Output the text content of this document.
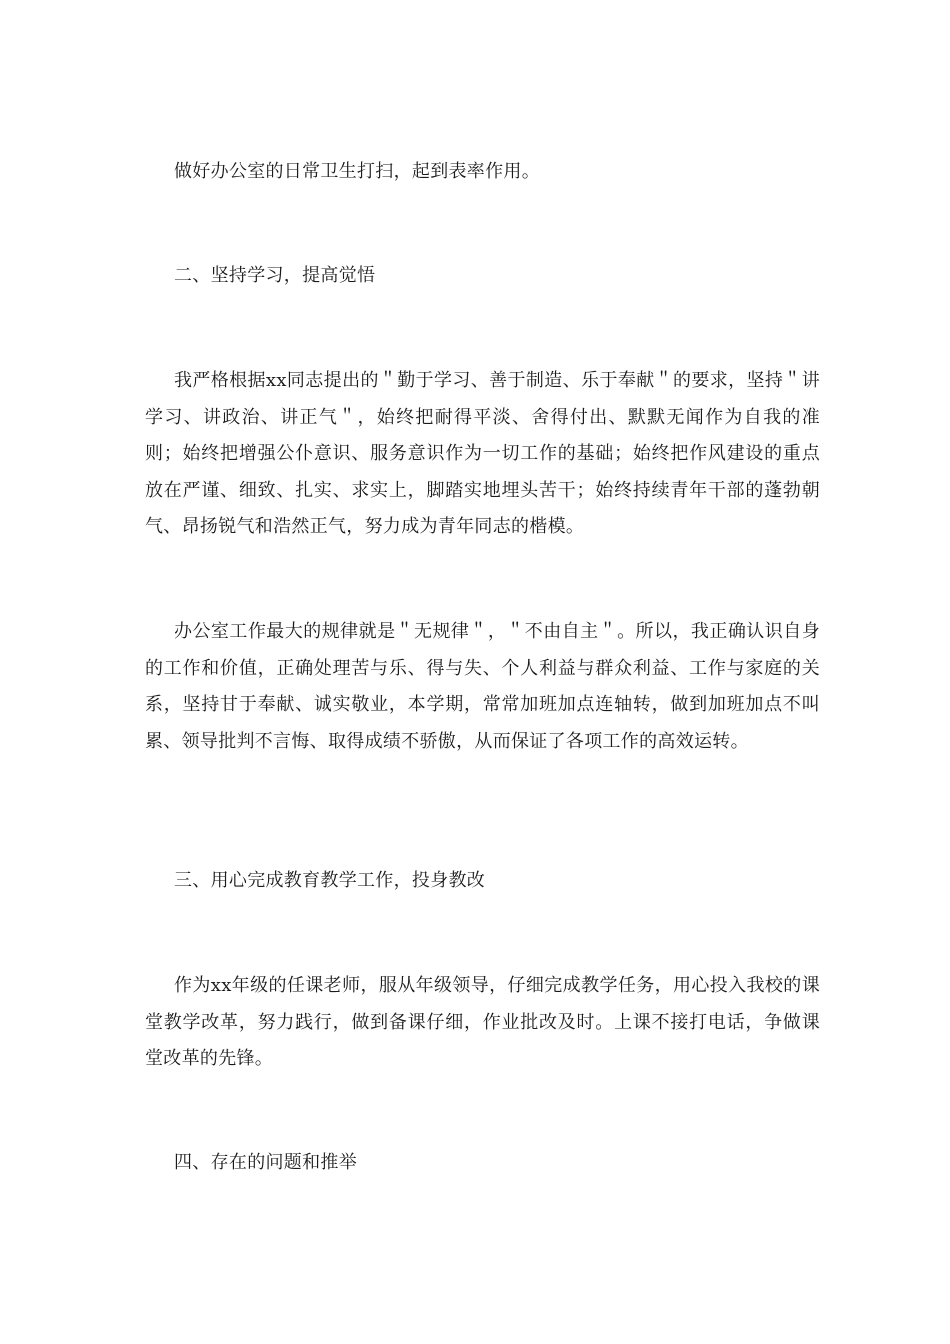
做好办公室的日常卫生打扫，起到表率作用。
二、坚持学习，提高觉悟
我严格根据xx同志提出的＂勤于学习、善于制造、乐于奉献＂的要求，坚持＂讲学习、讲政治、讲正气＂，始终把耐得平淡、舍得付出、默默无闻作为自我的准则；始终把增强公仆意识、服务意识作为一切工作的基础；始终把作风建设的重点放在严谨、细致、扎实、求实上，脚踏实地埋头苦干；始终持续青年干部的蓬勃朝气、昂扬锐气和浩然正气，努力成为青年同志的楷模。
办公室工作最大的规律就是＂无规律＂，＂不由自主＂。所以，我正确认识自身的工作和价值，正确处理苦与乐、得与失、个人利益与群众利益、工作与家庭的关系，坚持甘于奉献、诚实敬业，本学期，常常加班加点连轴转，做到加班加点不叫累、领导批判不言悔、取得成绩不骄傲，从而保证了各项工作的高效运转。
三、用心完成教育教学工作，投身教改
作为xx年级的任课老师，服从年级领导，仔细完成教学任务，用心投入我校的课堂教学改革，努力践行，做到备课仔细，作业批改及时。上课不接打电话，争做课堂改革的先锋。
四、存在的问题和推举
